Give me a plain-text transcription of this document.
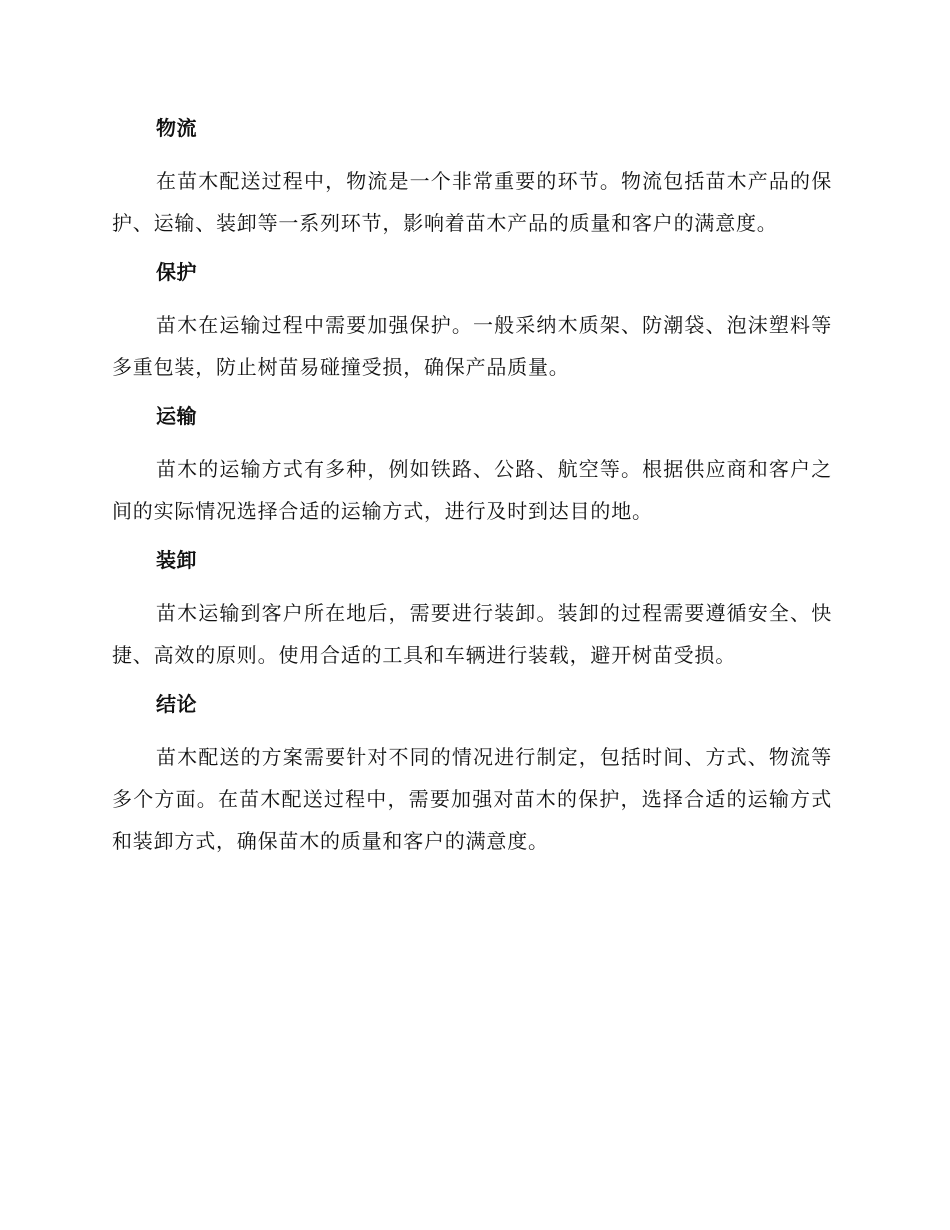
物流

在苗木配送过程中，物流是一个非常重要的环节。物流包括苗木产品的保护、运输、装卸等一系列环节，影响着苗木产品的质量和客户的满意度。

保护

苗木在运输过程中需要加强保护。一般采纳木质架、防潮袋、泡沫塑料等多重包装，防止树苗易碰撞受损，确保产品质量。

运输

苗木的运输方式有多种，例如铁路、公路、航空等。根据供应商和客户之间的实际情况选择合适的运输方式，进行及时到达目的地。

装卸

苗木运输到客户所在地后，需要进行装卸。装卸的过程需要遵循安全、快捷、高效的原则。使用合适的工具和车辆进行装载，避开树苗受损。

结论

苗木配送的方案需要针对不同的情况进行制定，包括时间、方式、物流等多个方面。在苗木配送过程中，需要加强对苗木的保护，选择合适的运输方式和装卸方式，确保苗木的质量和客户的满意度。
